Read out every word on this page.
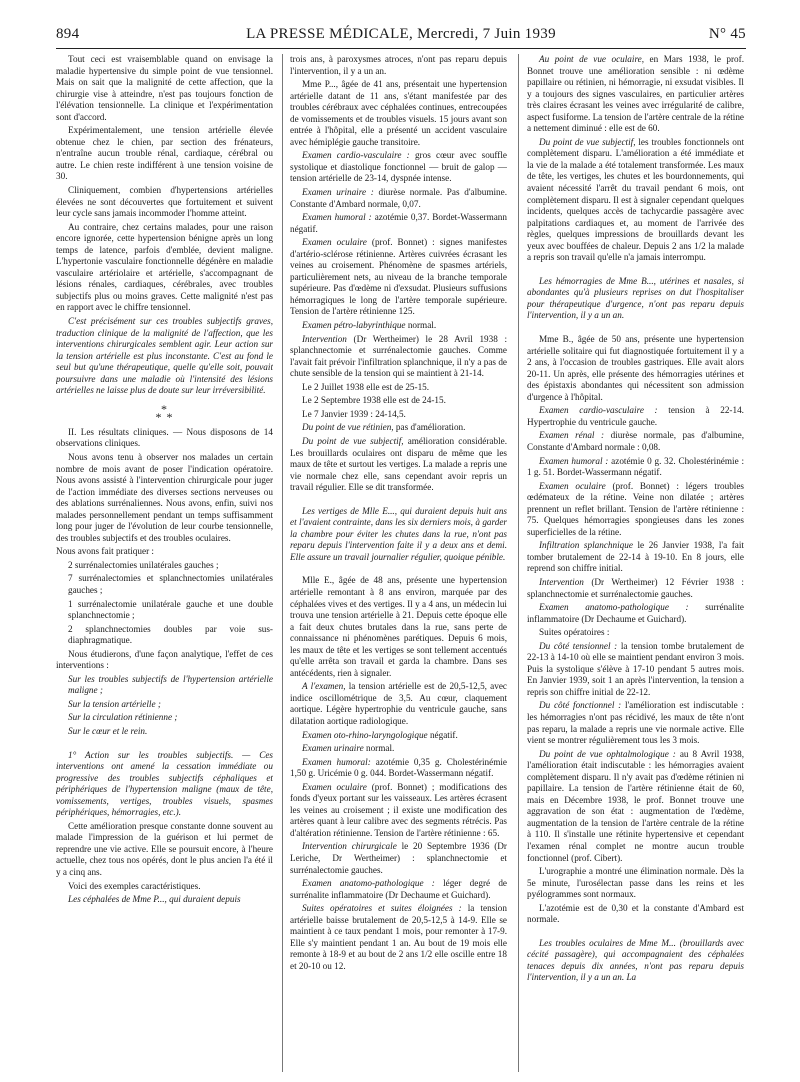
894	LA PRESSE MÉDICALE, Mercredi, 7 Juin 1939	N° 45

Tout ceci est vraisemblable quand on envisage la maladie hypertensive du simple point de vue tensionnel. Mais on sait que la malignité de cette affection, que la chirurgie vise à atteindre, n'est pas toujours fonction de l'élévation tensionnelle. La clinique et l'expérimentation sont d'accord.

Expérimentalement, une tension artérielle élevée obtenue chez le chien, par section des frénateurs, n'entraîne aucun trouble rénal, cardiaque, cérébral ou autre. Le chien reste indifférent à une tension voisine de 30.

Cliniquement, combien d'hypertensions artérielles élevées ne sont découvertes que fortuitement et suivent leur cycle sans jamais incommoder l'homme atteint.

Au contraire, chez certains malades, pour une raison encore ignorée, cette hypertension bénigne après un long temps de latence, parfois d'emblée, devient maligne. L'hypertonie vasculaire fonctionnelle dégénère en maladie vasculaire artériolaire et artérielle, s'accompagnant de lésions rénales, cardiaques, cérébrales, avec troubles subjectifs plus ou moins graves. Cette malignité n'est pas en rapport avec le chiffre tensionnel.

C'est précisément sur ces troubles subjectifs graves, traduction clinique de la malignité de l'affection, que les interventions chirurgicales semblent agir. Leur action sur la tension artérielle est plus inconstante. C'est au fond le seul but qu'une thérapeutique, quelle qu'elle soit, pouvait poursuivre dans une maladie où l'intensité des lésions artérielles ne laisse plus de doute sur leur irréversibilité.

*
* *

II. Les résultats cliniques. — Nous disposons de 14 observations cliniques.

Nous avons tenu à observer nos malades un certain nombre de mois avant de poser l'indication opératoire. Nous avons assisté à l'intervention chirurgicale pour juger de l'action immédiate des diverses sections nerveuses ou des ablations surrénaliennes. Nous avons, enfin, suivi nos malades personnellement pendant un temps suffisamment long pour juger de l'évolution de leur courbe tensionnelle, des troubles subjectifs et des troubles oculaires.

Nous avons fait pratiquer :

2 surrénalectomies unilatérales gauches ;

7 surrénalectomies et splanchnectomies unilatérales gauches ;

1 surrénalectomie unilatérale gauche et une double splanchnectomie ;

2 splanchnectomies doubles par voie sus-diaphragmatique.

Nous étudierons, d'une façon analytique, l'effet de ces interventions :

Sur les troubles subjectifs de l'hypertension artérielle maligne ;

Sur la tension artérielle ;

Sur la circulation rétinienne ;

Sur le cœur et le rein.

1° Action sur les troubles subjectifs. — Ces interventions ont amené la cessation immédiate ou progressive des troubles subjectifs céphaliques et périphériques de l'hypertension maligne (maux de tête, vomissements, vertiges, troubles visuels, spasmes périphériques, hémorragies, etc.).

Cette amélioration presque constante donne souvent au malade l'impression de la guérison et lui permet de reprendre une vie active. Elle se poursuit encore, à l'heure actuelle, chez tous nos opérés, dont le plus ancien l'a été il y a cinq ans.

Voici des exemples caractéristiques.

Les céphalées de Mme P..., qui duraient depuis

trois ans, à paroxysmes atroces, n'ont pas reparu depuis l'intervention, il y a un an.

Mme P..., âgée de 41 ans, présentait une hypertension artérielle datant de 11 ans, s'étant manifestée par des troubles cérébraux avec céphalées continues, entrecoupées de vomissements et de troubles visuels. 15 jours avant son entrée à l'hôpital, elle a présenté un accident vasculaire avec hémiplégie gauche transitoire.

Examen cardio-vasculaire : gros cœur avec souffle systolique et diastolique fonctionnel — bruit de galop — tension artérielle de 23-14, dyspnée intense.

Examen urinaire : diurèse normale. Pas d'albumine. Constante d'Ambard normale, 0,07.

Examen humoral : azotémie 0,37. Bordet-Wassermann négatif.

Examen oculaire (prof. Bonnet) : signes manifestes d'artério-sclérose rétinienne. Artères cuivrées écrasant les veines au croisement. Phénomène de spasmes artériels, particulièrement nets, au niveau de la branche temporale supérieure. Pas d'œdème ni d'exsudat. Plusieurs suffusions hémorragiques le long de l'artère temporale supérieure. Tension de l'artère rétinienne 125.

Examen pétro-labyrinthique normal.

Intervention (Dr Wertheimer) le 28 Avril 1938 : splanchnectomie et surrénalectomie gauches. Comme l'avait fait prévoir l'infiltration splanchnique, il n'y a pas de chute sensible de la tension qui se maintient à 21-14.

Le 2 Juillet 1938 elle est de 25-15.

Le 2 Septembre 1938 elle est de 24-15.

Le 7 Janvier 1939 : 24-14,5.

Du point de vue rétinien, pas d'amélioration.

Du point de vue subjectif, amélioration considérable. Les brouillards oculaires ont disparu de même que les maux de tête et surtout les vertiges. La malade a repris une vie normale chez elle, sans cependant avoir repris un travail régulier. Elle se dit transformée.

Les vertiges de Mlle E..., qui duraient depuis huit ans et l'avaient contrainte, dans les six derniers mois, à garder la chambre pour éviter les chutes dans la rue, n'ont pas reparu depuis l'intervention faite il y a deux ans et demi. Elle assure un travail journalier régulier, quoique pénible.

Mlle E., âgée de 48 ans, présente une hypertension artérielle remontant à 8 ans environ, marquée par des céphalées vives et des vertiges. Il y a 4 ans, un médecin lui trouva une tension artérielle à 21. Depuis cette époque elle a fait deux chutes brutales dans la rue, sans perte de connaissance ni phénomènes parétiques. Depuis 6 mois, les maux de tête et les vertiges se sont tellement accentués qu'elle arrêta son travail et garda la chambre. Dans ses antécédents, rien à signaler.

A l'examen, la tension artérielle est de 20,5-12,5, avec indice oscillométrique de 3,5. Au cœur, claquement aortique. Légère hypertrophie du ventricule gauche, sans dilatation aortique radiologique.

Examen oto-rhino-laryngologique négatif.

Examen urinaire normal.

Examen humoral: azotémie 0,35 g. Cholestérinémie 1,50 g. Uricémie 0 g. 044. Bordet-Wassermann négatif.

Examen oculaire (prof. Bonnet) ; modifications des fonds d'yeux portant sur les vaisseaux. Les artères écrasent les veines au croisement ; il existe une modification des artères quant à leur calibre avec des segments rétrécis. Pas d'altération rétinienne. Tension de l'artère rétinienne : 65.

Intervention chirurgicale le 20 Septembre 1936 (Dr Leriche, Dr Wertheimer) : splanchnectomie et surrénalectomie gauches.

Examen anatomo-pathologique : léger degré de surrénalite inflammatoire (Dr Dechaume et Guichard).

Suites opératoires et suites éloignées : la tension artérielle baisse brutalement de 20,5-12,5 à 14-9. Elle se maintient à ce taux pendant 1 mois, pour remonter à 17-9. Elle s'y maintient pendant 1 an. Au bout de 19 mois elle remonte à 18-9 et au bout de 2 ans 1/2 elle oscille entre 18 et 20-10 ou 12.

Au point de vue oculaire, en Mars 1938, le prof. Bonnet trouve une amélioration sensible : ni œdème papillaire ou rétinien, ni hémorragie, ni exsudat visibles. Il y a toujours des signes vasculaires, en particulier artères très claires écrasant les veines avec irrégularité de calibre, aspect fusiforme. La tension de l'artère centrale de la rétine a nettement diminué : elle est de 60.

Du point de vue subjectif, les troubles fonctionnels ont complètement disparu. L'amélioration a été immédiate et la vie de la malade a été totalement transformée. Les maux de tête, les vertiges, les chutes et les bourdonnements, qui avaient nécessité l'arrêt du travail pendant 6 mois, ont complètement disparu. Il est à signaler cependant quelques incidents, quelques accès de tachycardie passagère avec palpitations cardiaques et, au moment de l'arrivée des règles, quelques impressions de brouillards devant les yeux avec bouffées de chaleur. Depuis 2 ans 1/2 la malade a repris son travail qu'elle n'a jamais interrompu.

Les hémorragies de Mme B..., utérines et nasales, si abondantes qu'à plusieurs reprises on dut l'hospitaliser pour thérapeutique d'urgence, n'ont pas reparu depuis l'intervention, il y a un an.

Mme B., âgée de 50 ans, présente une hypertension artérielle solitaire qui fut diagnostiquée fortuitement il y a 2 ans, à l'occasion de troubles gastriques. Elle avait alors 20-11. Un après, elle présente des hémorragies utérines et des épistaxis abondantes qui nécessitent son admission d'urgence à l'hôpital.

Examen cardio-vasculaire : tension à 22-14. Hypertrophie du ventricule gauche.

Examen rénal : diurèse normale, pas d'albumine, Constante d'Ambard normale : 0,08.

Examen humoral : azotémie 0 g. 32. Cholestérinémie : 1 g. 51. Bordet-Wassermann négatif.

Examen oculaire (prof. Bonnet) : légers troubles œdémateux de la rétine. Veine non dilatée ; artères prennent un reflet brillant. Tension de l'artère rétinienne : 75. Quelques hémorragies spongieuses dans les zones superficielles de la rétine.

Infiltration splanchnique le 26 Janvier 1938, l'a fait tomber brutalement de 22-14 à 19-10. En 8 jours, elle reprend son chiffre initial.

Intervention (Dr Wertheimer) 12 Février 1938 : splanchnectomie et surrénalectomie gauches.

Examen anatomo-pathologique : surrénalite inflammatoire (Dr Dechaume et Guichard).

Suites opératoires :

Du côté tensionnel : la tension tombe brutalement de 22-13 à 14-10 où elle se maintient pendant environ 3 mois. Puis la systolique s'élève à 17-10 pendant 5 autres mois. En Janvier 1939, soit 1 an après l'intervention, la tension a repris son chiffre initial de 22-12.

Du côté fonctionnel : l'amélioration est indiscutable : les hémorragies n'ont pas récidivé, les maux de tête n'ont pas reparu, la malade a repris une vie normale active. Elle vient se montrer régulièrement tous les 3 mois.

Du point de vue ophtalmologique : au 8 Avril 1938, l'amélioration était indiscutable : les hémorragies avaient complètement disparu. Il n'y avait pas d'œdème rétinien ni papillaire. La tension de l'artère rétinienne était de 60, mais en Décembre 1938, le prof. Bonnet trouve une aggravation de son état : augmentation de l'œdème, augmentation de la tension de l'artère centrale de la rétine à 110. Il s'installe une rétinite hypertensive et cependant l'examen rénal complet ne montre aucun trouble fonctionnel (prof. Cibert).

L'urographie a montré une élimination normale. Dès la 5e minute, l'urosélectan passe dans les reins et les pyélogrammes sont normaux.

L'azotémie est de 0,30 et la constante d'Ambard est normale.

Les troubles oculaires de Mme M... (brouillards avec cécité passagère), qui accompagnaient des céphalées tenaces depuis dix années, n'ont pas reparu depuis l'intervention, il y a un an. La
